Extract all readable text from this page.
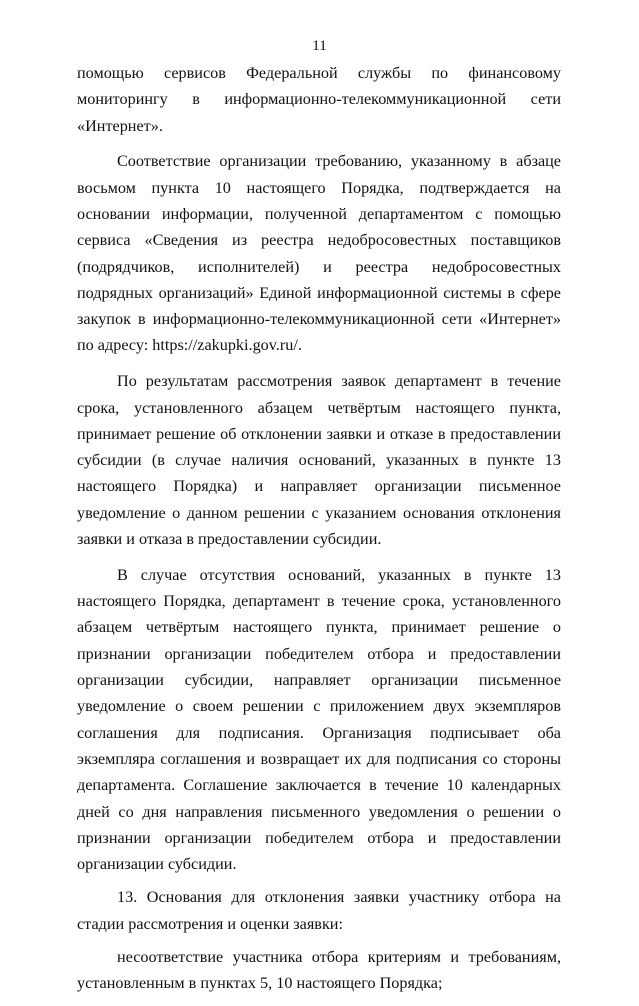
11

помощью сервисов Федеральной службы по финансовому мониторингу в информационно-телекоммуникационной сети «Интернет».

Соответствие организации требованию, указанному в абзаце восьмом пункта 10 настоящего Порядка, подтверждается на основании информации, полученной департаментом с помощью сервиса «Сведения из реестра недобросовестных поставщиков (подрядчиков, исполнителей) и реестра недобросовестных подрядных организаций» Единой информационной системы в сфере закупок в информационно-телекоммуникационной сети «Интернет» по адресу: https://zakupki.gov.ru/.

По результатам рассмотрения заявок департамент в течение срока, установленного абзацем четвёртым настоящего пункта, принимает решение об отклонении заявки и отказе в предоставлении субсидии (в случае наличия оснований, указанных в пункте 13 настоящего Порядка) и направляет организации письменное уведомление о данном решении с указанием основания отклонения заявки и отказа в предоставлении субсидии.

В случае отсутствия оснований, указанных в пункте 13 настоящего Порядка, департамент в течение срока, установленного абзацем четвёртым настоящего пункта, принимает решение о признании организации победителем отбора и предоставлении организации субсидии, направляет организации письменное уведомление о своем решении с приложением двух экземпляров соглашения для подписания. Организация подписывает оба экземпляра соглашения и возвращает их для подписания со стороны департамента. Соглашение заключается в течение 10 календарных дней со дня направления письменного уведомления о решении о признании организации победителем отбора и предоставлении организации субсидии.

13. Основания для отклонения заявки участнику отбора на стадии рассмотрения и оценки заявки:

несоответствие участника отбора критериям и требованиям, установленным в пунктах 5, 10 настоящего Порядка;
